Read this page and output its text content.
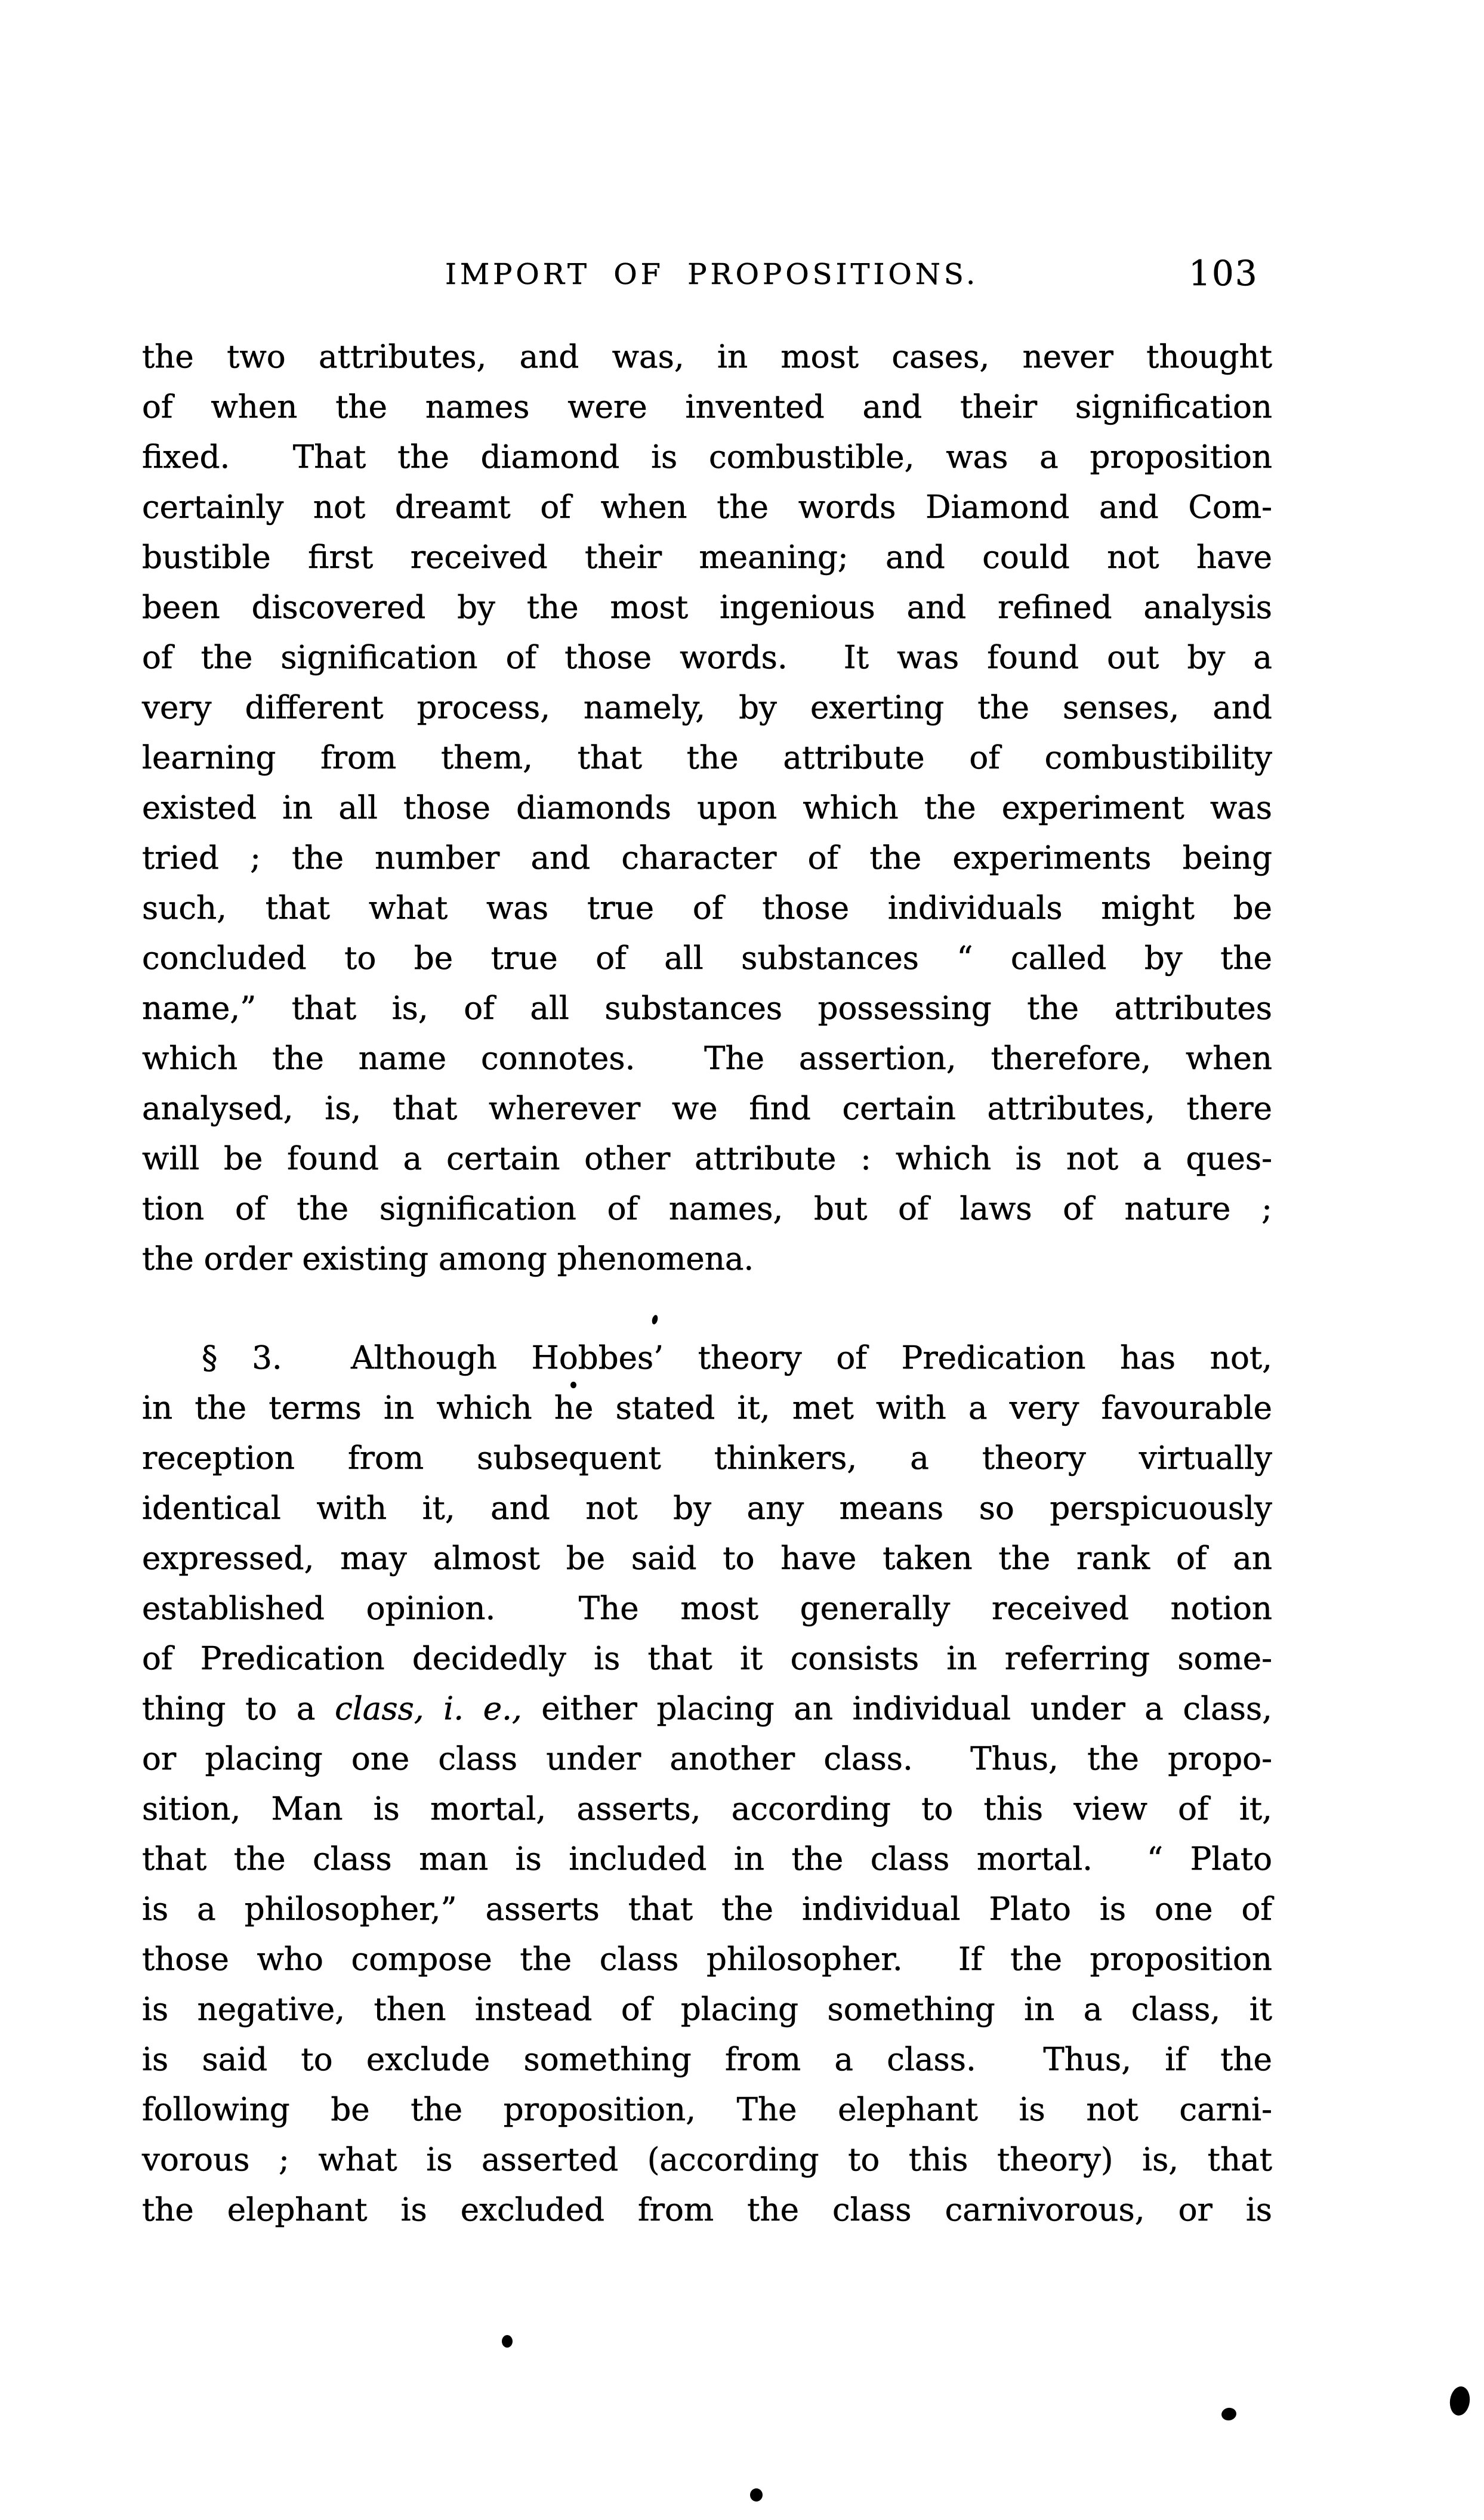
IMPORT OF PROPOSITIONS.	103
the two attributes, and was, in most cases, never thought
of when the names were invented and their signification
fixed.  That the diamond is combustible, was a proposition
certainly not dreamt of when the words Diamond and Com-
bustible first received their meaning; and could not have
been discovered by the most ingenious and refined analysis
of the signification of those words.  It was found out by a
very different process, namely, by exerting the senses, and
learning from them, that the attribute of combustibility
existed in all those diamonds upon which the experiment was
tried ; the number and character of the experiments being
such, that what was true of those individuals might be
concluded to be true of all substances “ called by the
name,” that is, of all substances possessing the attributes
which the name connotes.  The assertion, therefore, when
analysed, is, that wherever we find certain attributes, there
will be found a certain other attribute : which is not a ques-
tion of the signification of names, but of laws of nature ;
the order existing among phenomena.
§ 3.  Although Hobbes’ theory of Predication has not,
in the terms in which he stated it, met with a very favourable
reception from subsequent thinkers, a theory virtually
identical with it, and not by any means so perspicuously
expressed, may almost be said to have taken the rank of an
established opinion.  The most generally received notion
of Predication decidedly is that it consists in referring some-
thing to a class, i. e., either placing an individual under a class,
or placing one class under another class.  Thus, the propo-
sition, Man is mortal, asserts, according to this view of it,
that the class man is included in the class mortal.  “ Plato
is a philosopher,” asserts that the individual Plato is one of
those who compose the class philosopher.  If the proposition
is negative, then instead of placing something in a class, it
is said to exclude something from a class.  Thus, if the
following be the proposition, The elephant is not carni-
vorous ; what is asserted (according to this theory) is, that
the elephant is excluded from the class carnivorous, or is
